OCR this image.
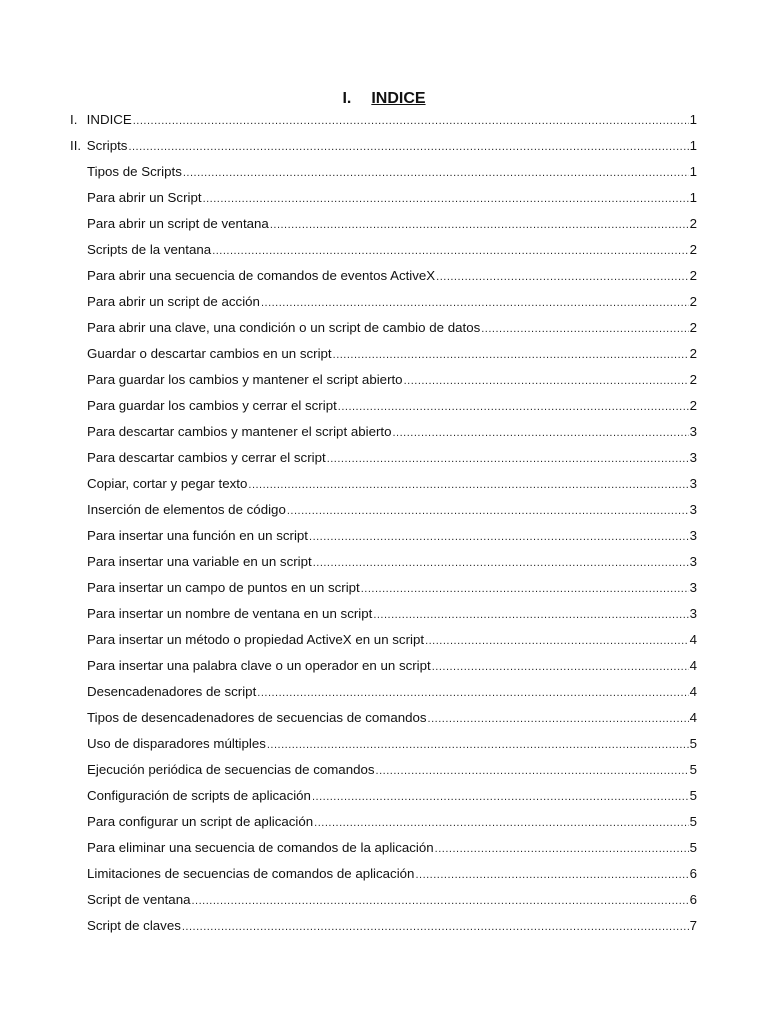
I. INDICE
I. INDICE .....	1
II. Scripts .....	1
Tipos de Scripts .....	1
Para abrir un Script .....	1
Para abrir un script de ventana .....	2
Scripts de la ventana .....	2
Para abrir una secuencia de comandos de eventos ActiveX .....	2
Para abrir un script de acción .....	2
Para abrir una clave, una condición o un script de cambio de datos .....	2
Guardar o descartar cambios en un script .....	2
Para guardar los cambios y mantener el script abierto .....	2
Para guardar los cambios y cerrar el script .....	2
Para descartar cambios y mantener el script abierto .....	3
Para descartar cambios y cerrar el script .....	3
Copiar, cortar y pegar texto .....	3
Inserción de elementos de código .....	3
Para insertar una función en un script .....	3
Para insertar una variable en un script .....	3
Para insertar un campo de puntos en un script .....	3
Para insertar un nombre de ventana en un script .....	3
Para insertar un método o propiedad ActiveX en un script .....	4
Para insertar una palabra clave o un operador en un script .....	4
Desencadenadores de script .....	4
Tipos de desencadenadores de secuencias de comandos .....	4
Uso de disparadores múltiples .....	5
Ejecución periódica de secuencias de comandos .....	5
Configuración de scripts de aplicación .....	5
Para configurar un script de aplicación .....	5
Para eliminar una secuencia de comandos de la aplicación .....	5
Limitaciones de secuencias de comandos de aplicación .....	6
Script de ventana .....	6
Script de claves .....	7
